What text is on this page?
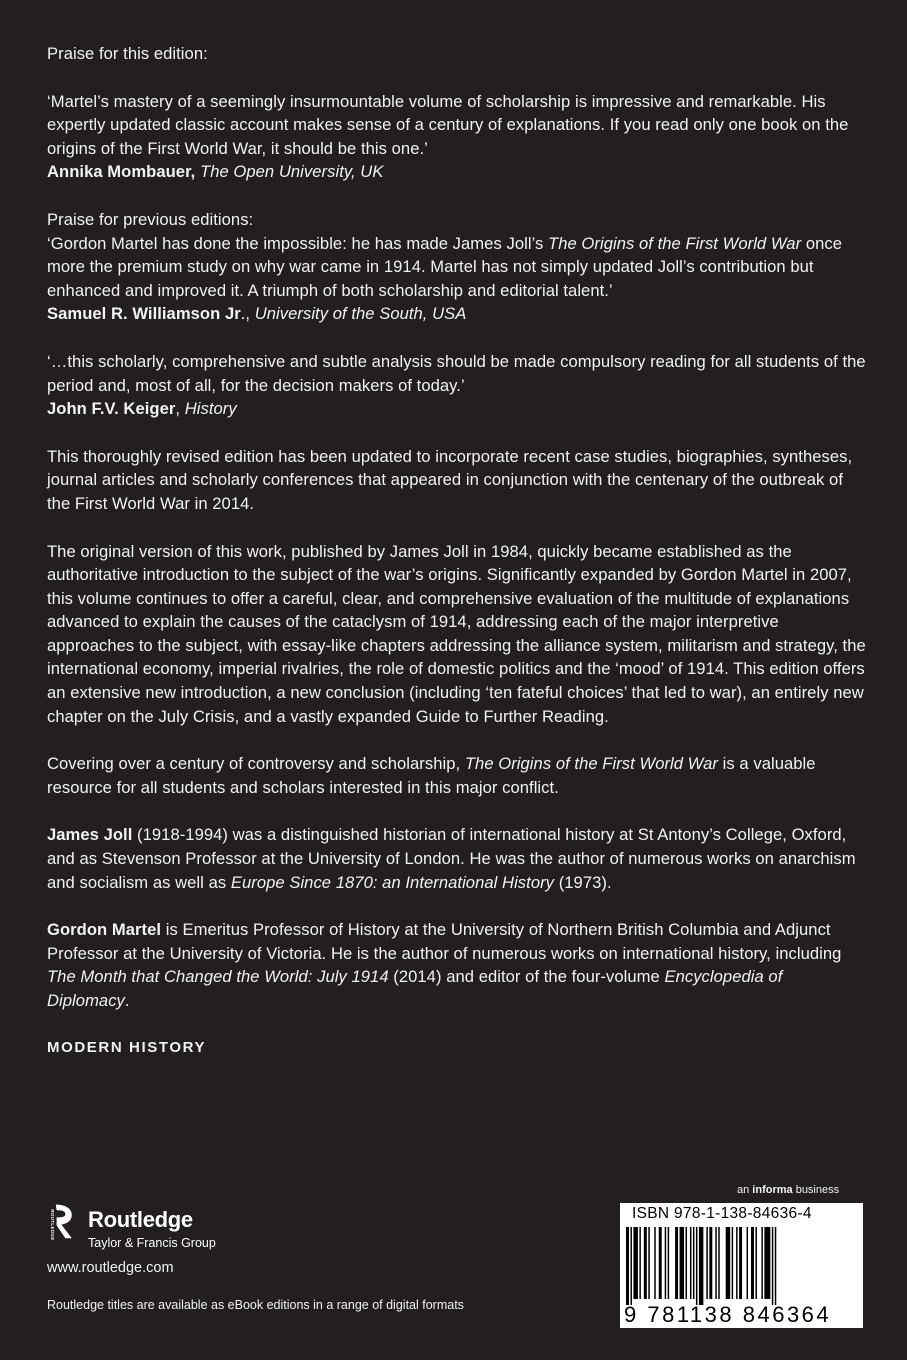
Praise for this edition:

‘Martel’s mastery of a seemingly insurmountable volume of scholarship is impressive and remarkable. His expertly updated classic account makes sense of a century of explanations. If you read only one book on the origins of the First World War, it should be this one.’
Annika Mombauer, The Open University, UK

Praise for previous editions:

‘Gordon Martel has done the impossible: he has made James Joll’s The Origins of the First World War once more the premium study on why war came in 1914. Martel has not simply updated Joll’s contribution but enhanced and improved it. A triumph of both scholarship and editorial talent.’
Samuel R. Williamson Jr., University of the South, USA

‘…this scholarly, comprehensive and subtle analysis should be made compulsory reading for all students of the period and, most of all, for the decision makers of today.’
John F.V. Keiger, History

This thoroughly revised edition has been updated to incorporate recent case studies, biographies, syntheses, journal articles and scholarly conferences that appeared in conjunction with the centenary of the outbreak of the First World War in 2014.

The original version of this work, published by James Joll in 1984, quickly became established as the authoritative introduction to the subject of the war’s origins. Significantly expanded by Gordon Martel in 2007, this volume continues to offer a careful, clear, and comprehensive evaluation of the multitude of explanations advanced to explain the causes of the cataclysm of 1914, addressing each of the major interpretive approaches to the subject, with essay-like chapters addressing the alliance system, militarism and strategy, the international economy, imperial rivalries, the role of domestic politics and the ‘mood’ of 1914. This edition offers an extensive new introduction, a new conclusion (including ‘ten fateful choices’ that led to war), an entirely new chapter on the July Crisis, and a vastly expanded Guide to Further Reading.

Covering over a century of controversy and scholarship, The Origins of the First World War is a valuable resource for all students and scholars interested in this major conflict.

James Joll (1918-1994) was a distinguished historian of international history at St Antony’s College, Oxford, and as Stevenson Professor at the University of London. He was the author of numerous works on anarchism and socialism as well as Europe Since 1870: an International History (1973).

Gordon Martel is Emeritus Professor of History at the University of Northern British Columbia and Adjunct Professor at the University of Victoria. He is the author of numerous works on international history, including The Month that Changed the World: July 1914 (2014) and editor of the four-volume Encyclopedia of Diplomacy.

MODERN HISTORY

ROUTLEDGE Routledge
Taylor & Francis Group
www.routledge.com
Routledge titles are available as eBook editions in a range of digital formats
an informa business
ISBN 978-1-138-84636-4
9 781138 846364
